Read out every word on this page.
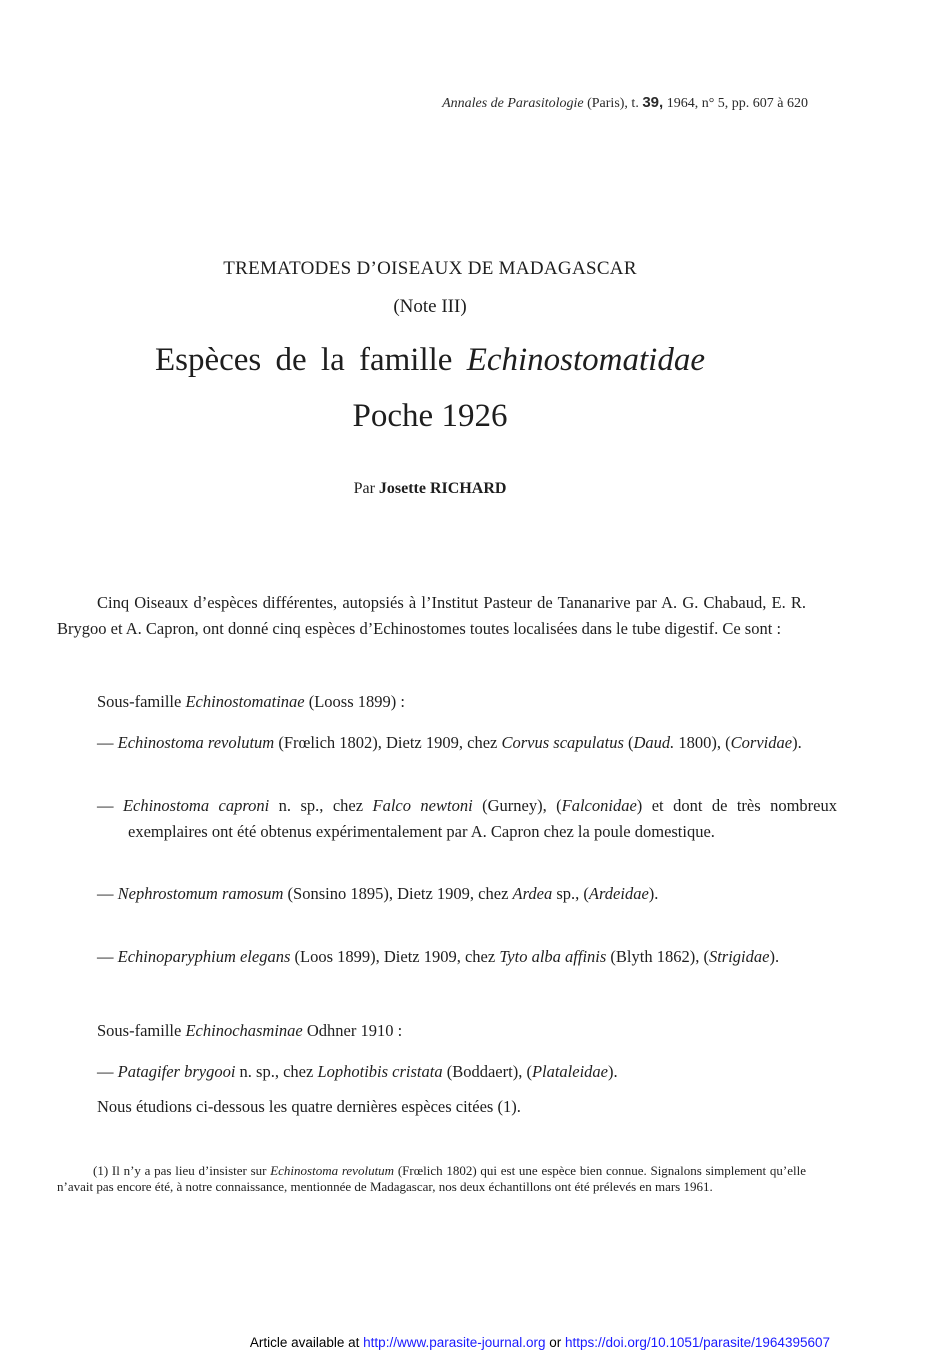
Annales de Parasitologie (Paris), t. 39, 1964, n° 5, pp. 607 à 620
TREMATODES D’OISEAUX DE MADAGASCAR
(Note III)
Espèces de la famille Echinostomatidae
Poche 1926
Par Josette RICHARD
Cinq Oiseaux d’espèces différentes, autopsiés à l’Institut Pasteur de Tananarive par A. G. Chabaud, E. R. Brygoo et A. Capron, ont donné cinq espèces d’Echinostomes toutes localisées dans le tube digestif. Ce sont :
Sous-famille Echinostomatinae (Looss 1899) :
— Echinostoma revolutum (Frœlich 1802), Dietz 1909, chez Corvus scapulatus (Daud. 1800), (Corvidae).
— Echinostoma caproni n. sp., chez Falco newtoni (Gurney), (Falconidae) et dont de très nombreux exemplaires ont été obtenus expérimentalement par A. Capron chez la poule domestique.
— Nephrostomum ramosum (Sonsino 1895), Dietz 1909, chez Ardea sp., (Ardeidae).
— Echinoparyphium elegans (Loos 1899), Dietz 1909, chez Tyto alba affinis (Blyth 1862), (Strigidae).
Sous-famille Echinochasminae Odhner 1910 :
— Patagifer brygooi n. sp., chez Lophotibis cristata (Boddaert), (Plataleidae).
Nous étudions ci-dessous les quatre dernières espèces citées (1).
(1) Il n’y a pas lieu d’insister sur Echinostoma revolutum (Frœlich 1802) qui est une espèce bien connue. Signalons simplement qu’elle n’avait pas encore été, à notre connaissance, mentionnée de Madagascar, nos deux échantillons ont été prélevés en mars 1961.
Article available at http://www.parasite-journal.org or https://doi.org/10.1051/parasite/1964395607
